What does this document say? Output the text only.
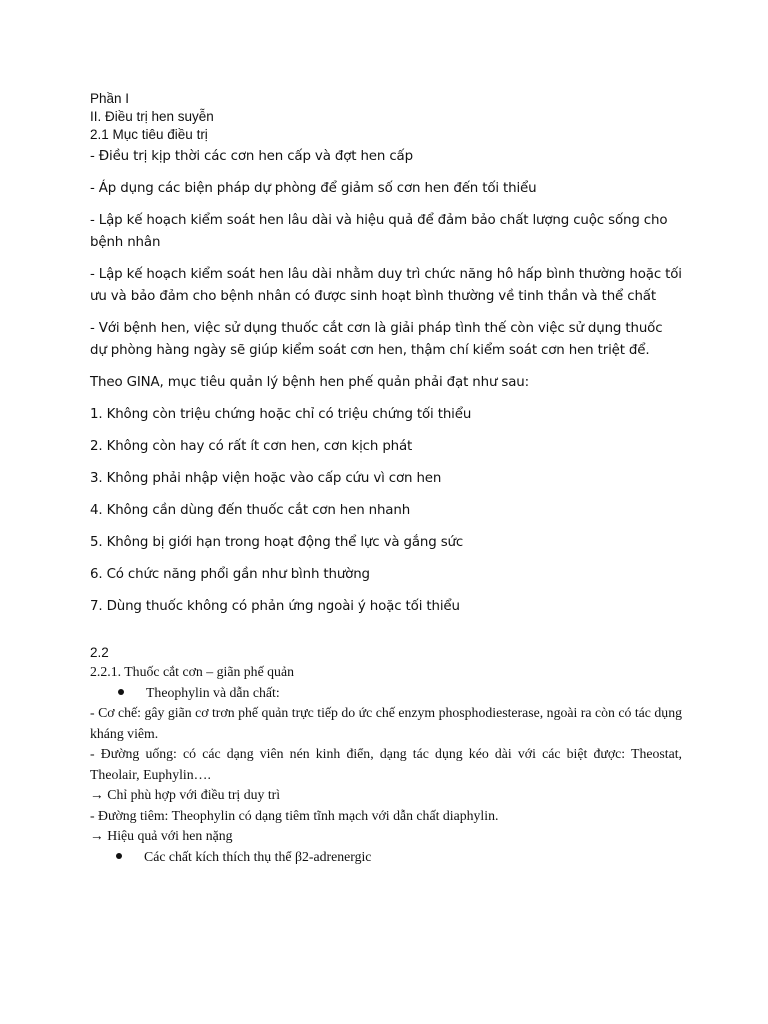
Phần I

II. Điều trị hen suyễn

2.1 Mục tiêu điều trị

- Điều trị kịp thời các cơn hen cấp và đợt hen cấp

- Áp dụng các biện pháp dự phòng để giảm số cơn hen đến tối thiểu

- Lập kế hoạch kiểm soát hen lâu dài và hiệu quả để đảm bảo chất lượng cuộc sống cho bệnh nhân

- Lập kế hoạch kiểm soát hen lâu dài nhằm duy trì chức năng hô hấp bình thường hoặc tối ưu và bảo đảm cho bệnh nhân có được sinh hoạt bình thường về tinh thần và thể chất

- Với bệnh hen, việc sử dụng thuốc cắt cơn là giải pháp tình thế còn việc sử dụng thuốc dự phòng hàng ngày sẽ giúp kiểm soát cơn hen, thậm chí kiểm soát cơn hen triệt để.

Theo GINA, mục tiêu quản lý bệnh hen phế quản phải đạt như sau:

1. Không còn triệu chứng hoặc chỉ có triệu chứng tối thiểu

2. Không còn hay có rất ít cơn hen, cơn kịch phát

3. Không phải nhập viện hoặc vào cấp cứu vì cơn hen

4. Không cần dùng đến thuốc cắt cơn hen nhanh

5. Không bị giới hạn trong hoạt động thể lực và gắng sức

6. Có chức năng phổi gần như bình thường

7. Dùng thuốc không có phản ứng ngoài ý hoặc tối thiểu

2.2

2.2.1. Thuốc cắt cơn – giãn phế quản

Theophylin và dẫn chất:

- Cơ chế: gây giãn cơ trơn phế quản trực tiếp do ức chế enzym phosphodiesterase, ngoài ra còn có tác dụng kháng viêm.

- Đường uống: có các dạng viên nén kinh điển, dạng tác dụng kéo dài với các biệt được: Theostat, Theolair, Euphylin….

→ Chỉ phù hợp với điều trị duy trì

- Đường tiêm: Theophylin có dạng tiêm tĩnh mạch với dẫn chất diaphylin.

→ Hiệu quả với hen nặng

Các chất kích thích thụ thể β2-adrenergic
